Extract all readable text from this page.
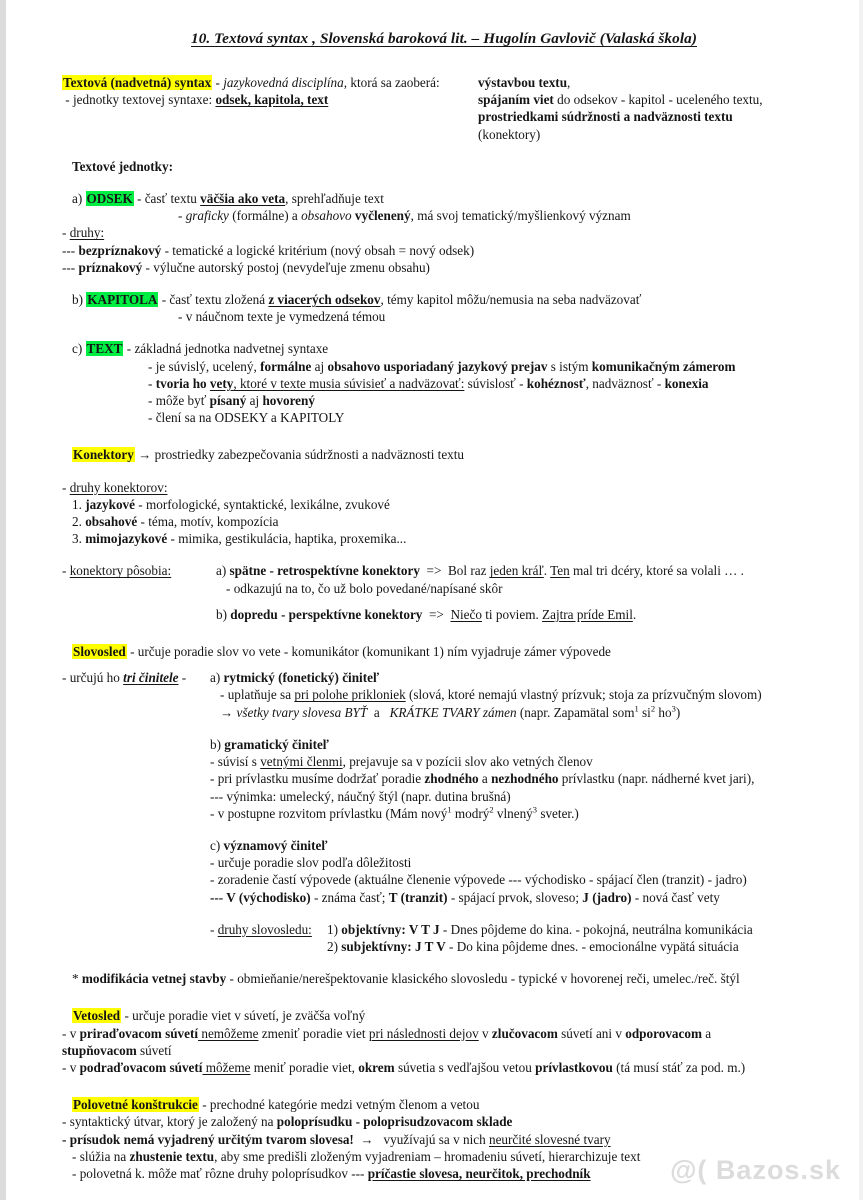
10. Textová syntax , Slovenská baroková lit. – Hugolín Gavlovič (Valaská škola)
Textová (nadvetná) syntax - jazykovedná disciplína, ktorá sa zaoberá:
- jednotky textovej syntaxe: odsek, kapitola, text
výstavbou textu,
spájaním viet do odsekov - kapitol - uceleného textu,
prostriedkami súdržnosti a nadväznosti textu
(konektory)
Textové jednotky:
a) ODSEK - časť textu väčšia ako veta, sprehľadňuje text
- graficky (formálne) a obsahovo vyčlenený, má svoj tematický/myšlienkový význam
- druhy:
--- bezpríznakový - tematické a logické kritérium (nový obsah = nový odsek)
--- príznakový - výlučne autorský postoj (nevydeľuje zmenu obsahu)
b) KAPITOLA - časť textu zložená z viacerých odsekov, témy kapitol môžu/nemusia na seba nadväzovať
- v náučnom texte je vymedzená témou
c) TEXT - základná jednotka nadvetnej syntaxe
- je súvislý, ucelený, formálne aj obsahovo usporiadaný jazykový prejav s istým komunikačným zámerom
- tvoria ho vety, ktoré v texte musia súvisieť a nadväzovať: súvislosť - kohéznosť, nadväznosť - konexia
- môže byť písaný aj hovorený
- člení sa na ODSEKY a KAPITOLY
Konektory → prostriedky zabezpečovania súdržnosti a nadväznosti textu
- druhy konektorov:
1. jazykové - morfologické, syntaktické, lexikálne, zvukové
2. obsahové - téma, motív, kompozícia
3. mimojazykové - mimika, gestikulácia, haptika, proxemika...
- konektory pôsobia:	a) spätne - retrospektívne konektory  =>  Bol raz jeden kráľ. Ten mal tri dcéry, ktoré sa volali … .
- odkazujú na to, čo už bolo povedané/napísané skôr
b) dopredu - perspektívne konektory  =>  Niečo ti poviem. Zajtra príde Emil.
Slovosled - určuje poradie slov vo vete - komunikátor (komunikant 1) ním vyjadruje zámer výpovede
- určujú ho tri činitele -	a) rytmický (fonetický) činiteľ
- uplatňuje sa pri polohe prikloniek (slová, ktoré nemajú vlastný prízvuk; stoja za prízvučným slovom)
→ všetky tvary slovesa BYŤ  a   KRÁTKE TVARY zámen (napr. Zapamätal som$^1$ $si^2$ $ho^3$)
b) gramatický činiteľ
- súvisí s vetnými členmi, prejavuje sa v pozícii slov ako vetných členov
- pri prívlastku musíme dodržať poradie zhodného a nezhodného prívlastku (napr. nádherné kvet jari),
--- výnimka: umelecký, náučný štýl (napr. dutina brušná)
- v postupne rozvitom prívlastku (Mám nový$^1$ modrý$^2$ vlnený$^3$ sveter.)
c) významový činiteľ
- určuje poradie slov podľa dôležitosti
- zoradenie častí výpovede (aktuálne členenie výpovede --- východisko - spájací člen (tranzit) - jadro)
--- V (východisko) - známa časť; T (tranzit) - spájací prvok, sloveso; J (jadro) - nová časť vety
- druhy slovosledu:	1) objektívny: V T J - Dnes pôjdeme do kina. - pokojná, neutrálna komunikácia
2) subjektívny: J T V - Do kina pôjdeme dnes. - emocionálne vypätá situácia
* modifikácia vetnej stavby - obmieňanie/nerešpektovanie klasického slovosledu - typické v hovorenej reči, umelec./reč. štýl
Vetosled - určuje poradie viet v súvetí, je zväčša voľný
- v priraďovacom súvetí nemôžeme zmeniť poradie viet pri následnosti dejov v zlučovacom súvetí ani v odporovacom a
stupňovacom súvetí
- v podraďovacom súvetí môžeme meniť poradie viet, okrem súvetia s vedľajšou vetou prívlastkovou (tá musí stáť za pod. m.)
Polovetné konštrukcie - prechodné kategórie medzi vetným členom a vetou
- syntaktický útvar, ktorý je založený na poloprísudku - poloprisudzovacom sklade
- prísudok nemá vyjadrený určitým tvarom slovesa!  →   využívajú sa v nich neurčité slovesné tvary
- slúžia na zhustenie textu, aby sme predišli zloženým vyjadreniam – hromadeniu súvetí, hierarchizuje text
- polovetná k. môže mať rôzne druhy poloprísudkov --- príčastie slovesa, neurčitok, prechodník	@( Bazos.sk
